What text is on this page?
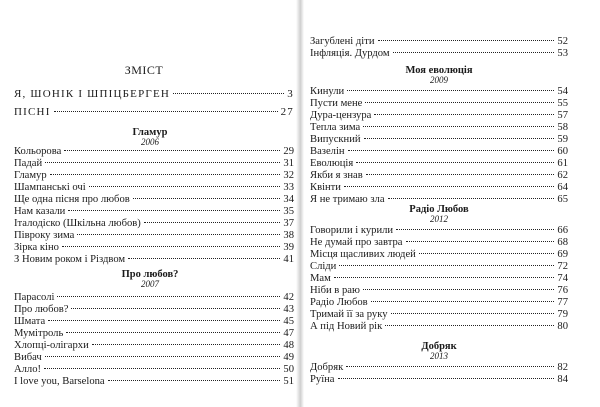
ЗМІСТ
Я, ШОНІК І ШПІЦБЕРГЕН	3
ПІСНІ	27
Гламур
2006
Кольорова	29
Падай	31
Гламур	32
Шампанські очі	33
Ще одна пісня про любов	34
Нам казали	35
Італодіско (Шкільна любов)	37
Півроку зима	38
Зірка кіно	39
З Новим роком і Різдвом	41
Про любов?
2007
Парасолі	42
Про любов?	43
Шмата	45
Мумітроль	47
Хлопці-олігархи	48
Вибач	49
Алло!	50
I love you, Barselona	51
Загублені діти	52
Інфляція. Дурдом	53
Моя еволюція
2009
Кинули	54
Пусти мене	55
Дура-цензура	57
Тепла зима	58
Випускний	59
Вазелін	60
Еволюція	61
Якби я знав	62
Квінти	64
Я не тримаю зла	65
Радіо Любов
2012
Говорили і курили	66
Не думай про завтра	68
Місця щасливих людей	69
Сліди	72
Мам	74
Ніби в раю	76
Радіо Любов	77
Тримай її за руку	79
А під Новий рік	80
Добряк
2013
Добряк	82
Руїна	84
